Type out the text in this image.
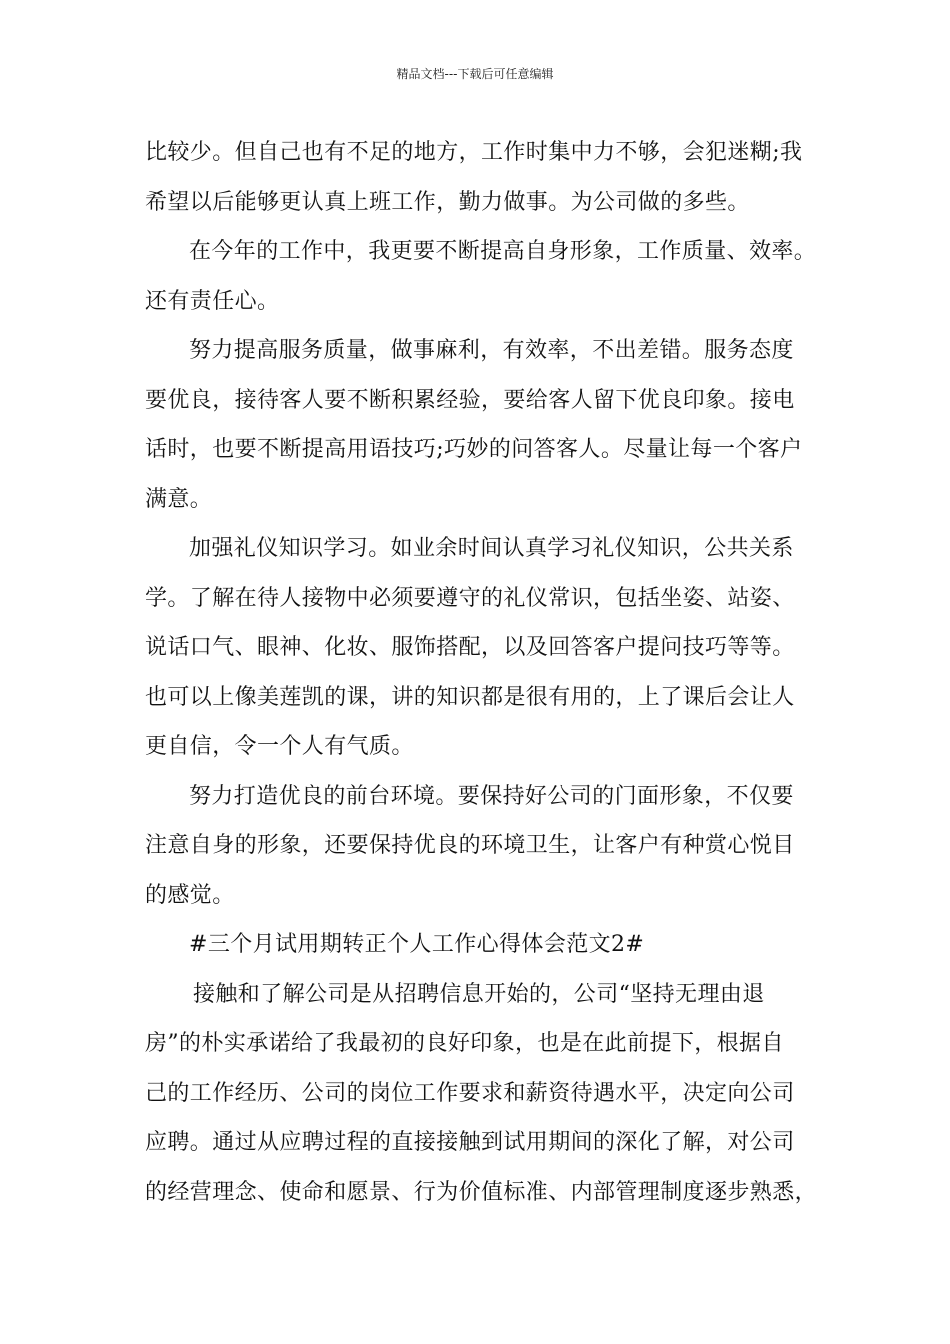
精品文档---下载后可任意编辑
比较少。但自己也有不足的地方，工作时集中力不够，会犯迷糊;我
希望以后能够更认真上班工作，勤力做事。为公司做的多些。
在今年的工作中，我更要不断提高自身形象，工作质量、效率。
还有责任心。
努力提高服务质量，做事麻利，有效率，不出差错。服务态度
要优良，接待客人要不断积累经验，要给客人留下优良印象。接电
话时，也要不断提高用语技巧;巧妙的问答客人。尽量让每一个客户
满意。
加强礼仪知识学习。如业余时间认真学习礼仪知识，公共关系
学。了解在待人接物中必须要遵守的礼仪常识，包括坐姿、站姿、
说话口气、眼神、化妆、服饰搭配，以及回答客户提问技巧等等。
也可以上像美莲凯的课，讲的知识都是很有用的，上了课后会让人
更自信，令一个人有气质。
努力打造优良的前台环境。要保持好公司的门面形象，不仅要
注意自身的形象，还要保持优良的环境卫生，让客户有种赏心悦目
的感觉。
#三个月试用期转正个人工作心得体会范文2#
接触和了解公司是从招聘信息开始的，公司“坚持无理由退
房”的朴实承诺给了我最初的良好印象，也是在此前提下，根据自
己的工作经历、公司的岗位工作要求和薪资待遇水平，决定向公司
应聘。通过从应聘过程的直接接触到试用期间的深化了解，对公司
的经营理念、使命和愿景、行为价值标准、内部管理制度逐步熟悉，
